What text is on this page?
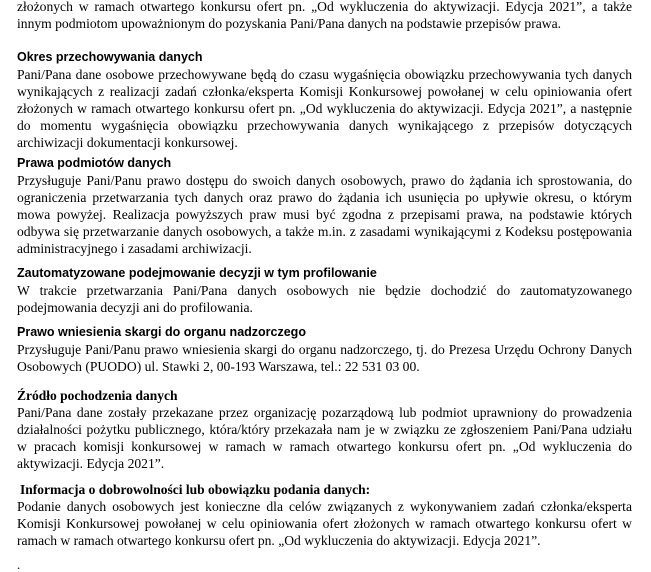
złożonych w ramach otwartego konkursu ofert pn. „Od wykluczenia do aktywizacji. Edycja 2021”, a także
innym podmiotom upoważnionym do pozyskania Pani/Pana danych na podstawie przepisów prawa.
Okres przechowywania danych
Pani/Pana dane osobowe przechowywane będą do czasu wygaśnięcia obowiązku przechowywania tych danych
wynikających z realizacji zadań członka/eksperta Komisji Konkursowej powołanej w celu opiniowania ofert
złożonych w ramach otwartego konkursu ofert pn. „Od wykluczenia do aktywizacji. Edycja 2021”, a następnie
do momentu wygaśnięcia obowiązku przechowywania danych wynikającego z przepisów dotyczących
archiwizacji dokumentacji konkursowej.
Prawa podmiotów danych
Przysługuje Pani/Panu prawo dostępu do swoich danych osobowych, prawo do żądania ich sprostowania, do
ograniczenia przetwarzania tych danych oraz prawo do żądania ich usunięcia po upływie okresu, o którym
mowa powyżej. Realizacja powyższych praw musi być zgodna z przepisami prawa, na podstawie których
odbywa się przetwarzanie danych osobowych, a także m.in. z zasadami wynikającymi z Kodeksu postępowania
administracyjnego i zasadami archiwizacji.
Zautomatyzowane podejmowanie decyzji w tym profilowanie
W trakcie przetwarzania Pani/Pana danych osobowych nie będzie dochodzić do zautomatyzowanego
podejmowania decyzji ani do profilowania.
Prawo wniesienia skargi do organu nadzorczego
Przysługuje Pani/Panu prawo wniesienia skargi do organu nadzorczego, tj. do Prezesa Urzędu Ochrony Danych
Osobowych (PUODO) ul. Stawki 2, 00-193 Warszawa, tel.: 22 531 03 00.
Źródło pochodzenia danych
Pani/Pana dane zostały przekazane przez organizację pozarządową lub podmiot uprawniony do prowadzenia
działalności pożytku publicznego, która/który przekazała nam je w związku ze zgłoszeniem Pani/Pana udziału
w pracach komisji konkursowej w ramach w ramach otwartego konkursu ofert pn. „Od wykluczenia do
aktywizacji. Edycja 2021”.
Informacja o dobrowolności lub obowiązku podania danych:
Podanie danych osobowych jest konieczne dla celów związanych z wykonywaniem zadań członka/eksperta
Komisji Konkursowej powołanej w celu opiniowania ofert złożonych w ramach otwartego konkursu ofert w
ramach w ramach otwartego konkursu ofert pn. „Od wykluczenia do aktywizacji. Edycja 2021”.
.
